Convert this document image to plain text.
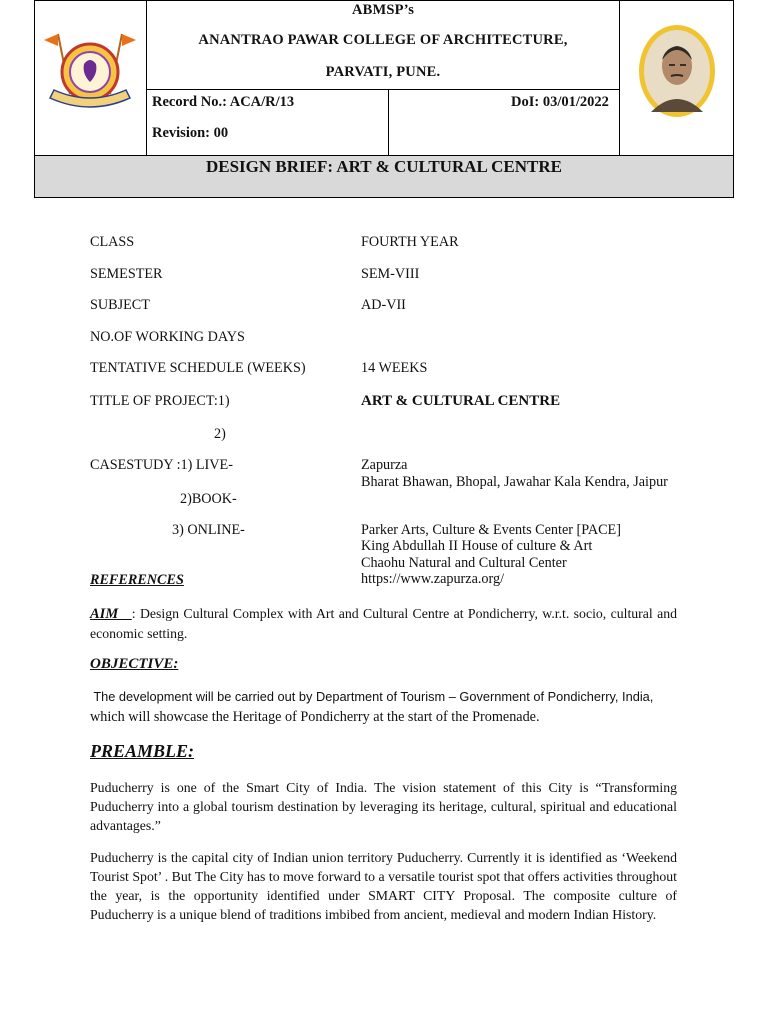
ABMSP’s
ANANTRAO PAWAR COLLEGE OF ARCHITECTURE,
PARVATI, PUNE.
Record No.: ACA/R/13	DoI: 03/01/2022
Revision: 00
DESIGN BRIEF: ART & CULTURAL CENTRE
CLASS	FOURTH YEAR
SEMESTER	SEM-VIII
SUBJECT	AD-VII
NO.OF WORKING DAYS
TENTATIVE SCHEDULE (WEEKS)	14 WEEKS
TITLE OF PROJECT:1)	ART & CULTURAL CENTRE
2)
CASESTUDY :1) LIVE-	Zapurza
Bharat Bhawan, Bhopal, Jawahar Kala Kendra, Jaipur
2)BOOK-
3) ONLINE-	Parker Arts, Culture & Events Center [PACE]
King Abdullah II House of culture & Art
Chaohu Natural and Cultural Center
https://www.zapurza.org/
REFERENCES
AIM   : Design Cultural Complex with Art and Cultural Centre at Pondicherry, w.r.t. socio, cultural and economic setting.
OBJECTIVE:
The development will be carried out by Department of Tourism – Government of Pondicherry, India,
which will showcase the Heritage of Pondicherry at the start of the Promenade.
PREAMBLE:
Puducherry is one of the Smart City of India. The vision statement of this City is “Transforming Puducherry into a global tourism destination by leveraging its heritage, cultural, spiritual and educational advantages.”
Puducherry is the capital city of Indian union territory Puducherry. Currently it is identified as ‘Weekend Tourist Spot’ . But The City has to move forward to a versatile tourist spot that offers activities throughout the year, is the opportunity identified under SMART CITY Proposal. The composite culture of Puducherry is a unique blend of traditions imbibed from ancient, medieval and modern Indian History.
